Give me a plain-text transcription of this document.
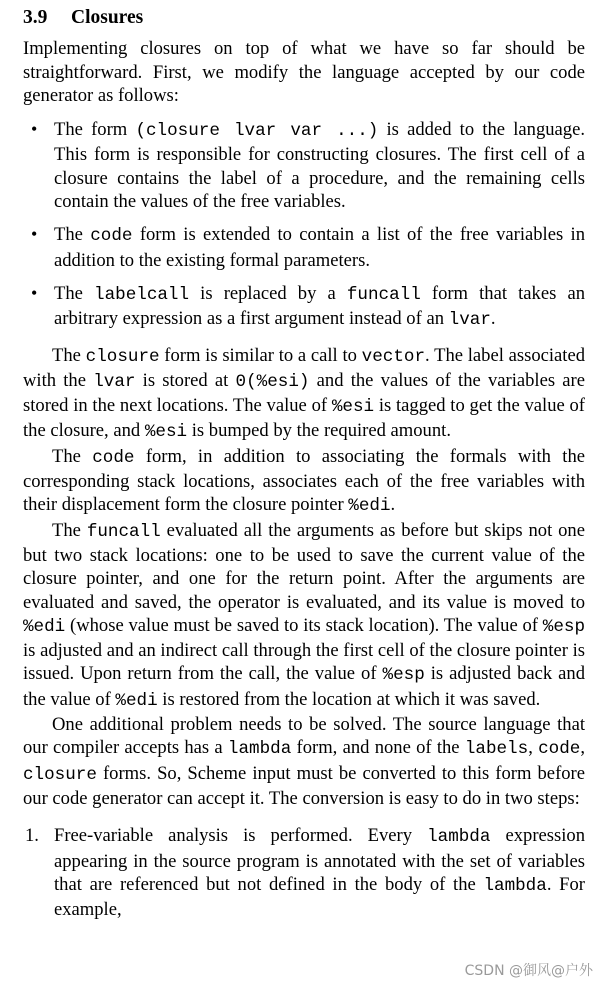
3.9 Closures

Implementing closures on top of what we have so far should be straightforward. First, we modify the language accepted by our code generator as follows:

• The form (closure lvar var ...) is added to the language. This form is responsible for constructing closures. The first cell of a closure contains the label of a procedure, and the remaining cells contain the values of the free variables.
• The code form is extended to contain a list of the free variables in addition to the existing formal parameters.
• The labelcall is replaced by a funcall form that takes an arbitrary expression as a first argument instead of an lvar.

The closure form is similar to a call to vector. The label associated with the lvar is stored at 0(%esi) and the values of the variables are stored in the next locations. The value of %esi is tagged to get the value of the closure, and %esi is bumped by the required amount.

The code form, in addition to associating the formals with the corresponding stack locations, associates each of the free variables with their displacement form the closure pointer %edi.

The funcall evaluated all the arguments as before but skips not one but two stack locations: one to be used to save the current value of the closure pointer, and one for the return point. After the arguments are evaluated and saved, the operator is evaluated, and its value is moved to %edi (whose value must be saved to its stack location). The value of %esp is adjusted and an indirect call through the first cell of the closure pointer is issued. Upon return from the call, the value of %esp is adjusted back and the value of %edi is restored from the location at which it was saved.

One additional problem needs to be solved. The source language that our compiler accepts has a lambda form, and none of the labels, code, closure forms. So, Scheme input must be converted to this form before our code generator can accept it. The conversion is easy to do in two steps:

1. Free-variable analysis is performed. Every lambda expression appearing in the source program is annotated with the set of variables that are referenced but not defined in the body of the lambda. For example,
CSDN @御风@户外
